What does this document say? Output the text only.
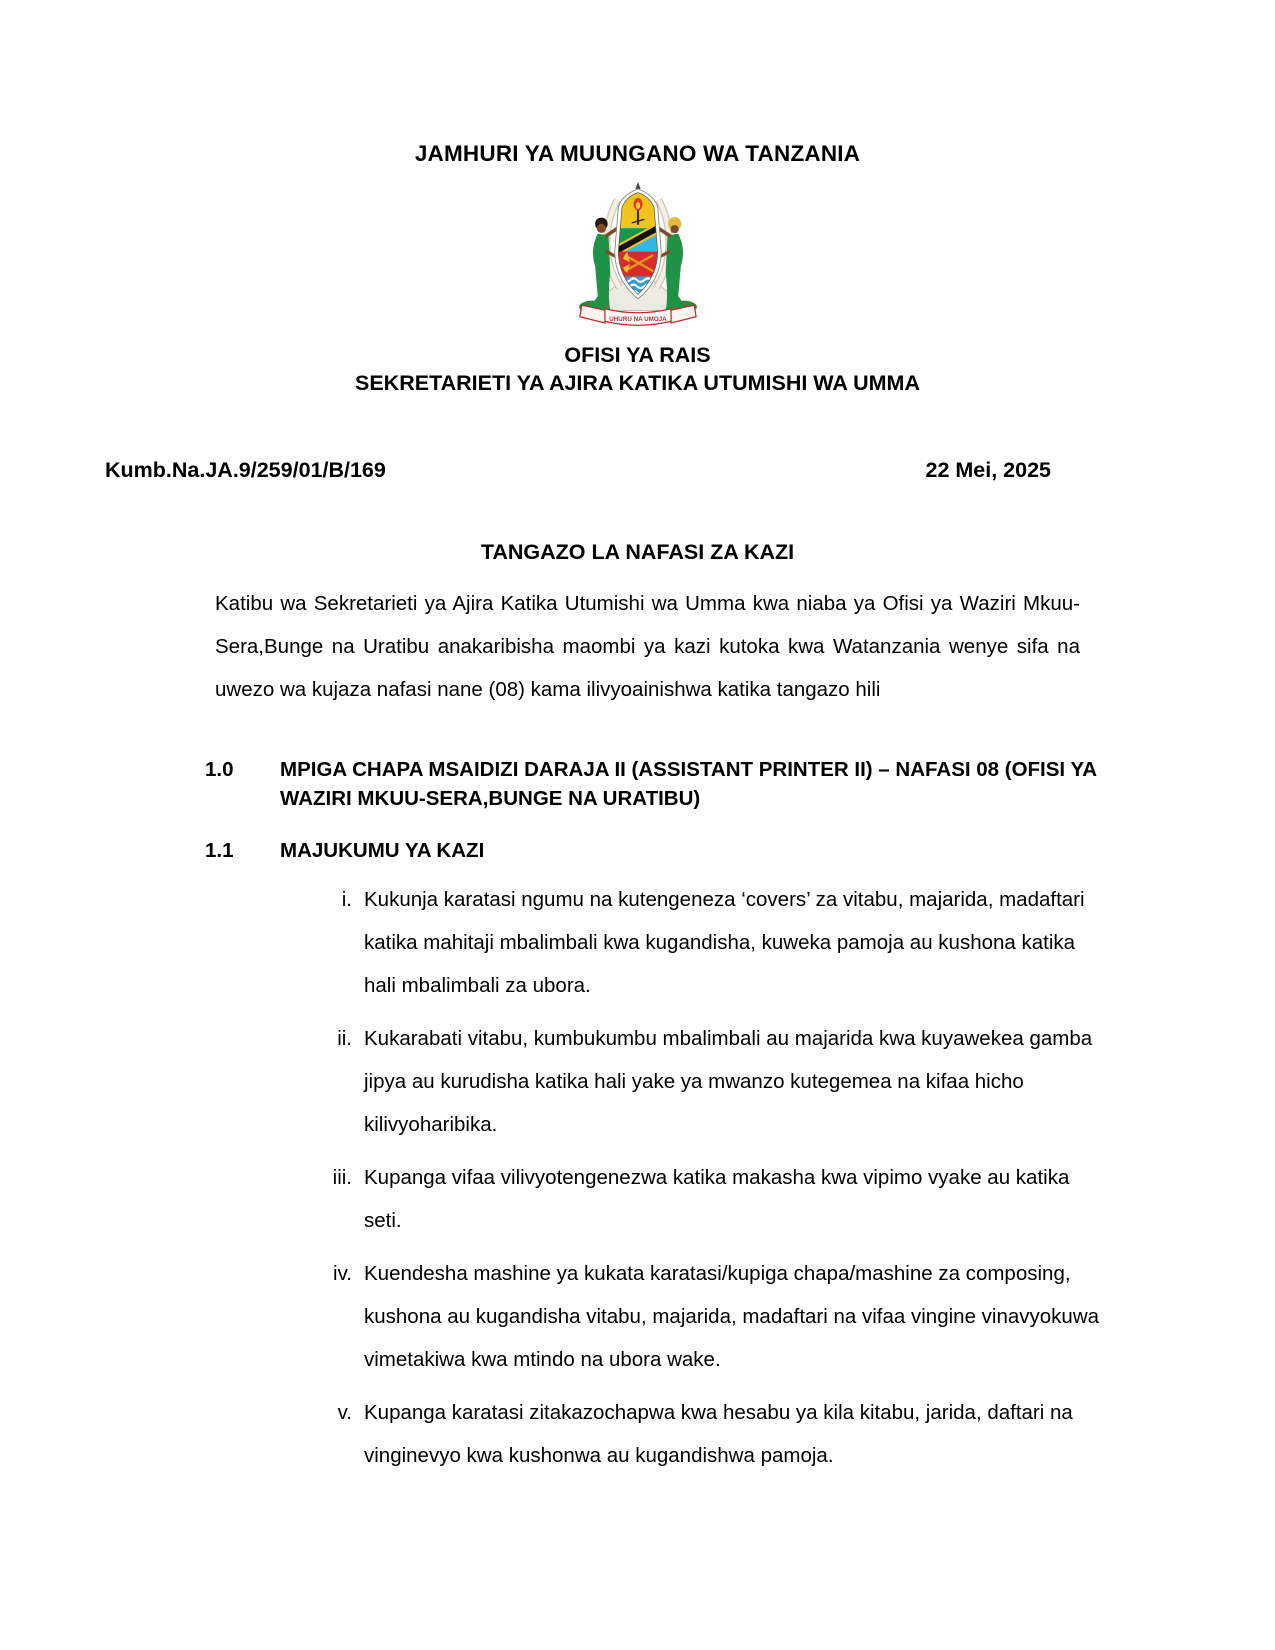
JAMHURI YA MUUNGANO WA TANZANIA
UHURU NA UMOJA
OFISI YA RAIS
SEKRETARIETI YA AJIRA KATIKA UTUMISHI WA UMMA
Kumb.Na.JA.9/259/01/B/169	22 Mei, 2025
TANGAZO LA NAFASI ZA KAZI

Katibu wa Sekretarieti ya Ajira Katika Utumishi wa Umma kwa niaba ya Ofisi ya Waziri Mkuu-Sera,Bunge na Uratibu anakaribisha maombi ya kazi kutoka kwa Watanzania wenye sifa na uwezo wa kujaza nafasi nane (08) kama ilivyoainishwa katika tangazo hili

1.0	MPIGA CHAPA MSAIDIZI DARAJA II (ASSISTANT PRINTER II) – NAFASI 08 (OFISI YA WAZIRI MKUU-SERA,BUNGE NA URATIBU)
1.1	MAJUKUMU YA KAZI
i. Kukunja karatasi ngumu na kutengeneza ‘covers’ za vitabu, majarida, madaftari katika mahitaji mbalimbali kwa kugandisha, kuweka pamoja au kushona katika hali mbalimbali za ubora.
ii. Kukarabati vitabu, kumbukumbu mbalimbali au majarida kwa kuyawekea gamba jipya au kurudisha katika hali yake ya mwanzo kutegemea na kifaa hicho kilivyoharibika.
iii. Kupanga vifaa vilivyotengenezwa katika makasha kwa vipimo vyake au katika seti.
iv. Kuendesha mashine ya kukata karatasi/kupiga chapa/mashine za composing, kushona au kugandisha vitabu, majarida, madaftari na vifaa vingine vinavyokuwa vimetakiwa kwa mtindo na ubora wake.
v. Kupanga karatasi zitakazochapwa kwa hesabu ya kila kitabu, jarida, daftari na vinginevyo kwa kushonwa au kugandishwa pamoja.
